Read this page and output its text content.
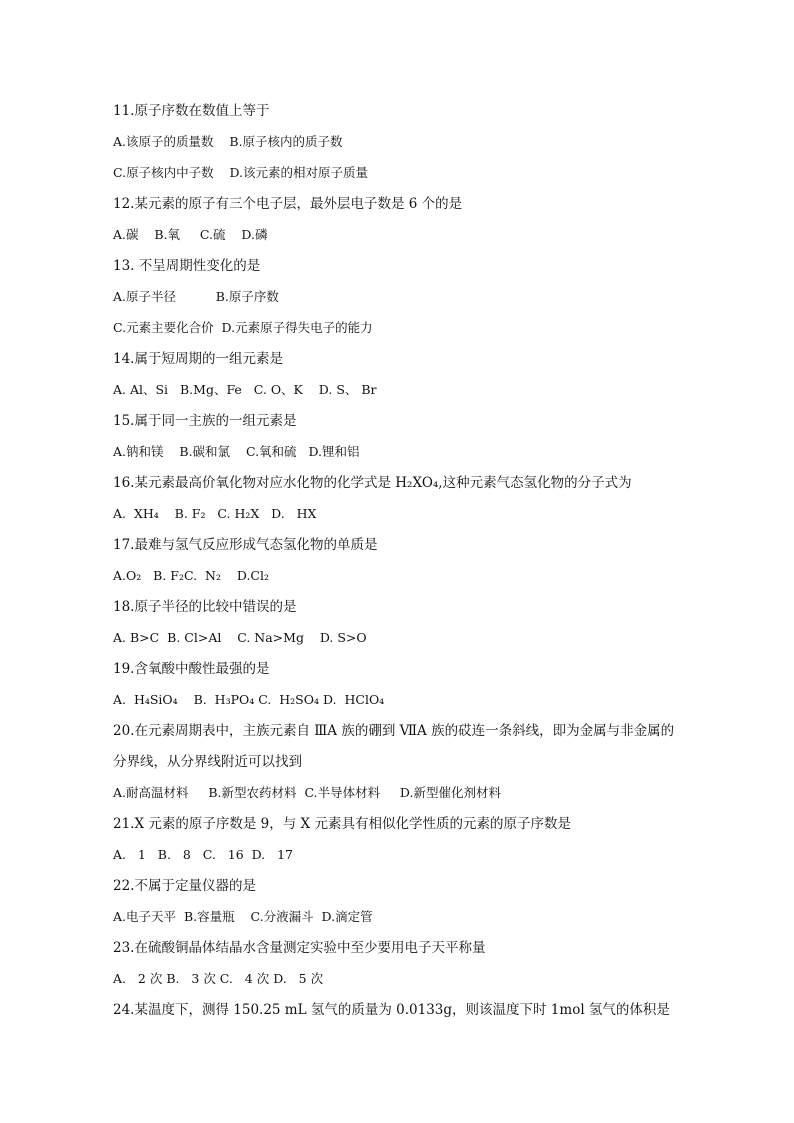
11.原子序数在数值上等于
A.该原子的质量数    B.原子核内的质子数
C.原子核内中子数    D.该元素的相对原子质量
12.某元素的原子有三个电子层，最外层电子数是 6 个的是
A.碳    B.氧     C.硫    D.磷
13. 不呈周期性变化的是
A.原子半径          B.原子序数
C.元素主要化合价  D.元素原子得失电子的能力
14.属于短周期的一组元素是
A. Al、Si   B.Mg、Fe   C. O、K    D. S、 Br
15.属于同一主族的一组元素是
A.钠和镁    B.碳和氯    C.氧和硫   D.锂和铝
16.某元素最高价氧化物对应水化物的化学式是 H₂XO₄,这种元素气态氢化物的分子式为
A.  XH₄    B. F₂   C. H₂X   D.   HX
17.最难与氢气反应形成气态氢化物的单质是
A.O₂   B. F₂C.  N₂    D.Cl₂
18.原子半径的比较中错误的是
A. B>C  B. Cl>Al    C. Na>Mg    D. S>O
19.含氧酸中酸性最强的是
A.  H₄SiO₄    B.  H₃PO₄ C.  H₂SO₄ D.  HClO₄
20.在元素周期表中，主族元素自 ⅢA 族的硼到 ⅦA 族的砹连一条斜线，即为金属与非金属的
分界线，从分界线附近可以找到
A.耐高温材料     B.新型农药材料  C.半导体材料     D.新型催化剂材料
21.X 元素的原子序数是 9，与 X 元素具有相似化学性质的元素的原子序数是
A.   1   B.   8   C.   16  D.   17
22.不属于定量仪器的是
A.电子天平  B.容量瓶    C.分液漏斗  D.滴定管
23.在硫酸铜晶体结晶水含量测定实验中至少要用电子天平称量
A.   2 次 B.   3 次 C.   4 次 D.   5 次
24.某温度下，测得 150.25 mL 氢气的质量为 0.0133g，则该温度下时 1mol 氢气的体积是
